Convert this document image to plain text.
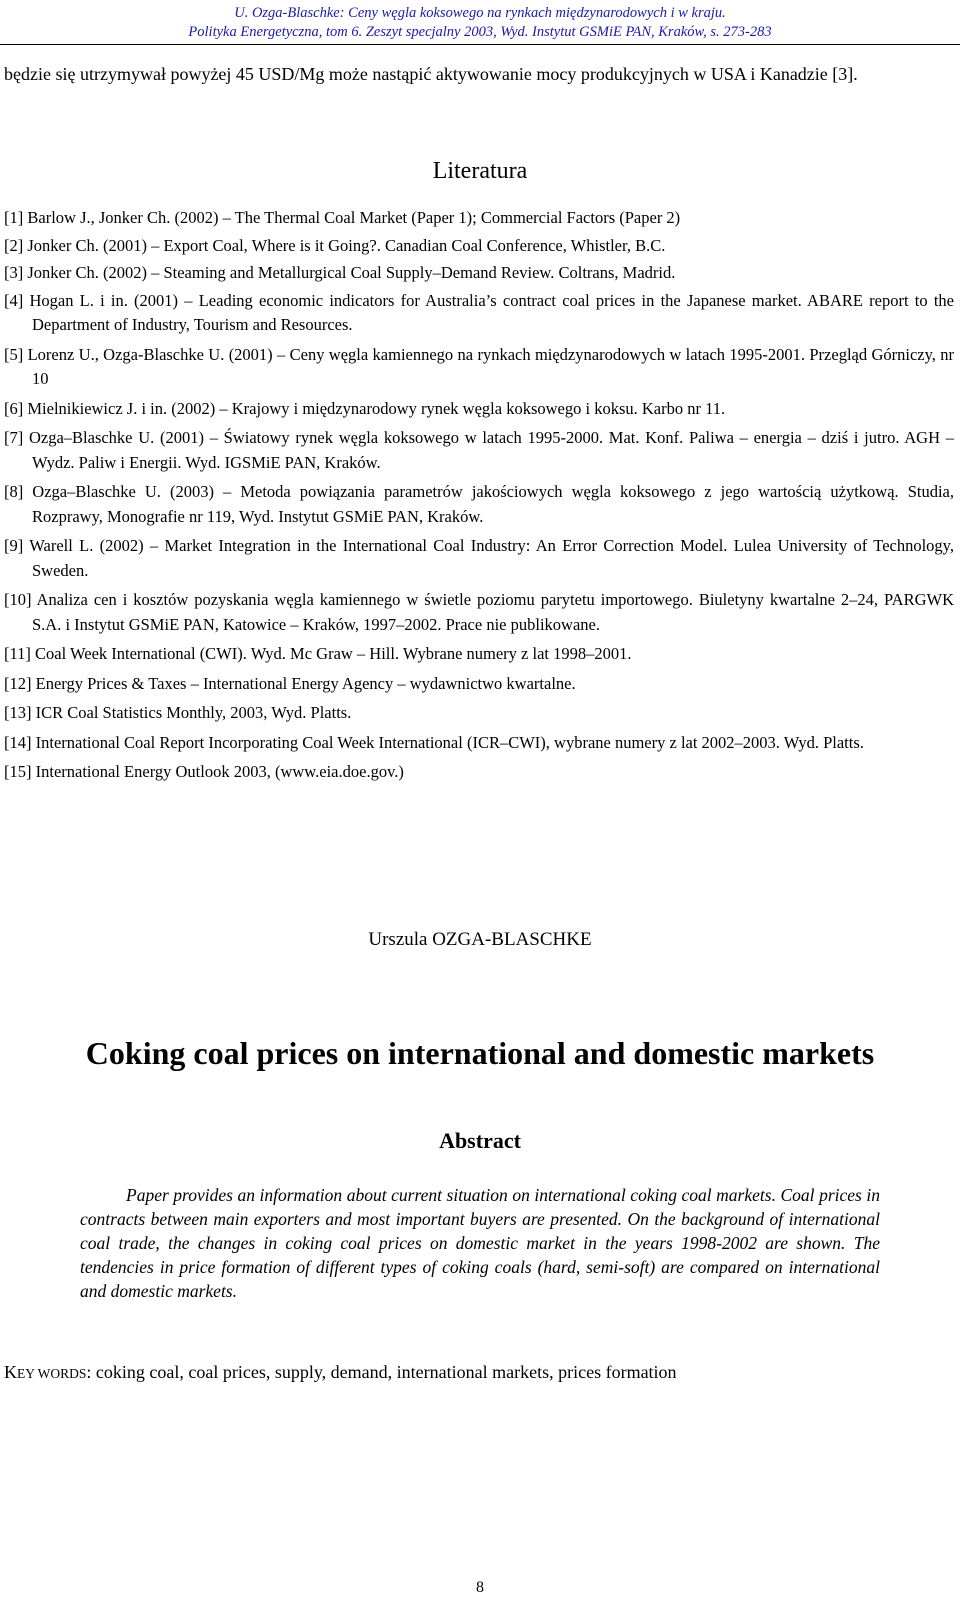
U. Ozga-Blaschke: Ceny węgla koksowego na rynkach międzynarodowych i w kraju.
Polityka Energetyczna, tom 6. Zeszyt specjalny 2003, Wyd. Instytut GSMiE PAN, Kraków, s. 273-283

będzie się utrzymywał powyżej 45 USD/Mg może nastąpić aktywowanie mocy produkcyjnych w USA i Kanadzie [3].

Literatura
[1] Barlow J., Jonker Ch. (2002) – The Thermal Coal Market (Paper 1); Commercial Factors (Paper 2)
[2] Jonker Ch. (2001) – Export Coal, Where is it Going?. Canadian Coal Conference, Whistler, B.C.
[3] Jonker Ch. (2002) – Steaming and Metallurgical Coal Supply–Demand Review. Coltrans, Madrid.
[4] Hogan L. i in. (2001) – Leading economic indicators for Australia’s contract coal prices in the Japanese market. ABARE report to the Department of Industry, Tourism and Resources.
[5] Lorenz U., Ozga-Blaschke U. (2001) – Ceny węgla kamiennego na rynkach międzynarodowych w latach 1995-2001. Przegląd Górniczy, nr 10
[6] Mielnikiewicz J. i in. (2002) – Krajowy i międzynarodowy rynek węgla koksowego i koksu. Karbo nr 11.
[7] Ozga–Blaschke U. (2001) – Światowy rynek węgla koksowego w latach 1995-2000. Mat. Konf. Paliwa – energia – dziś i jutro. AGH – Wydz. Paliw i Energii. Wyd. IGSMiE PAN, Kraków.
[8] Ozga–Blaschke U. (2003) – Metoda powiązania parametrów jakościowych węgla koksowego z jego wartością użytkową. Studia, Rozprawy, Monografie nr 119, Wyd. Instytut GSMiE PAN, Kraków.
[9] Warell L. (2002) – Market Integration in the International Coal Industry: An Error Correction Model. Lulea University of Technology, Sweden.
[10] Analiza cen i kosztów pozyskania węgla kamiennego w świetle poziomu parytetu importowego. Biuletyny kwartalne 2–24, PARGWK S.A. i Instytut GSMiE PAN, Katowice – Kraków, 1997–2002. Prace nie publikowane.
[11] Coal Week International (CWI). Wyd. Mc Graw – Hill. Wybrane numery z lat 1998–2001.
[12] Energy Prices & Taxes – International Energy Agency – wydawnictwo kwartalne.
[13] ICR Coal Statistics Monthly, 2003, Wyd. Platts.
[14] International Coal Report Incorporating Coal Week International (ICR–CWI), wybrane numery z lat 2002–2003. Wyd. Platts.
[15] International Energy Outlook 2003, (www.eia.doe.gov.)

Urszula OZGA-BLASCHKE

Coking coal prices on international and domestic markets
Abstract

Paper provides an information about current situation on international coking coal markets. Coal prices in contracts between main exporters and most important buyers are presented. On the background of international coal trade, the changes in coking coal prices on domestic market in the years 1998-2002 are shown. The tendencies in price formation of different types of coking coals (hard, semi-soft) are compared on international and domestic markets.

KEY WORDS: coking coal, coal prices, supply, demand, international markets, prices formation

8
